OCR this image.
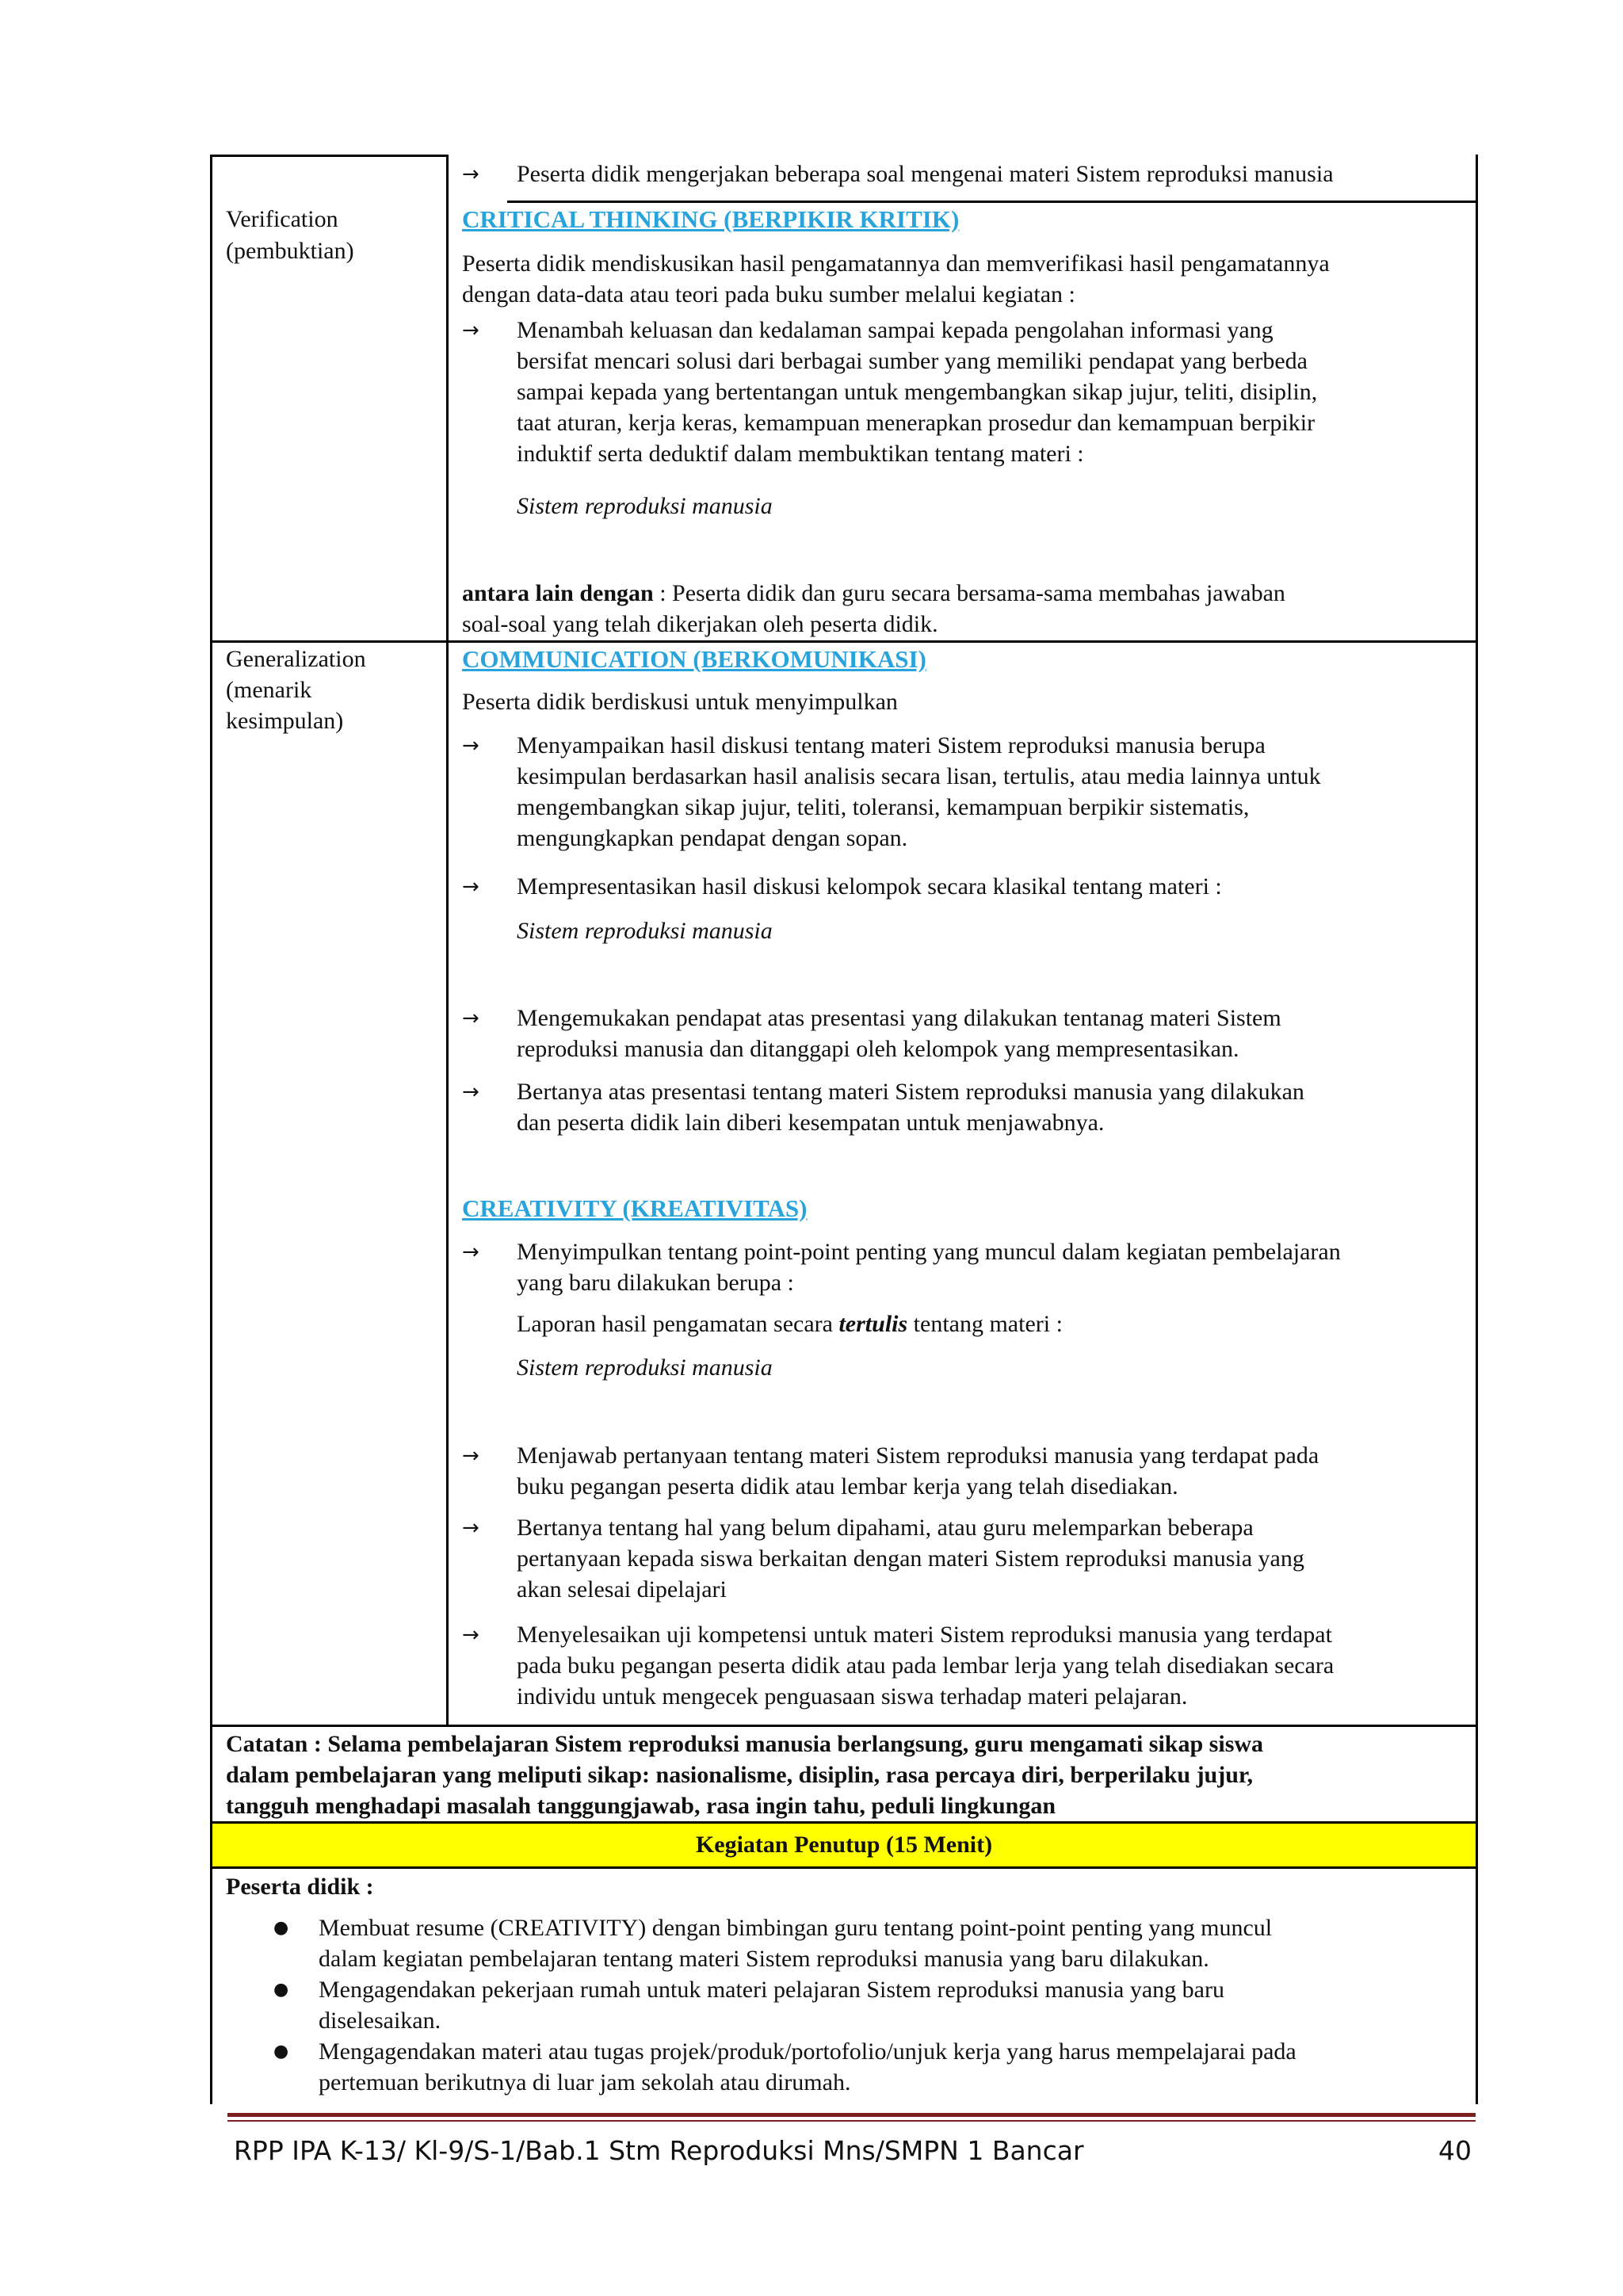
→ Peserta didik mengerjakan beberapa soal mengenai materi Sistem reproduksi manusia
Verification
(pembuktian)
CRITICAL THINKING (BERPIKIR KRITIK)
Peserta didik mendiskusikan hasil pengamatannya dan memverifikasi hasil pengamatannya
dengan data-data atau teori pada buku sumber melalui kegiatan :
→ Menambah keluasan dan kedalaman sampai kepada pengolahan informasi yang
bersifat mencari solusi dari berbagai sumber yang memiliki pendapat yang berbeda
sampai kepada yang bertentangan untuk mengembangkan sikap jujur, teliti, disiplin,
taat aturan, kerja keras, kemampuan menerapkan prosedur dan kemampuan berpikir
induktif serta deduktif dalam membuktikan tentang materi :
Sistem reproduksi manusia
antara lain dengan : Peserta didik dan guru secara bersama-sama membahas jawaban
soal-soal yang telah dikerjakan oleh peserta didik.
Generalization
(menarik
kesimpulan)
COMMUNICATION (BERKOMUNIKASI)
Peserta didik berdiskusi untuk menyimpulkan
→ Menyampaikan hasil diskusi tentang materi Sistem reproduksi manusia berupa
kesimpulan berdasarkan hasil analisis secara lisan, tertulis, atau media lainnya untuk
mengembangkan sikap jujur, teliti, toleransi, kemampuan berpikir sistematis,
mengungkapkan pendapat dengan sopan.
→ Mempresentasikan hasil diskusi kelompok secara klasikal tentang materi :
Sistem reproduksi manusia
→ Mengemukakan pendapat atas presentasi yang dilakukan tentanag materi Sistem
reproduksi manusia dan ditanggapi oleh kelompok yang mempresentasikan.
→ Bertanya atas presentasi tentang materi Sistem reproduksi manusia yang dilakukan
dan peserta didik lain diberi kesempatan untuk menjawabnya.
CREATIVITY (KREATIVITAS)
→ Menyimpulkan tentang point-point penting yang muncul dalam kegiatan pembelajaran
yang baru dilakukan berupa :
Laporan hasil pengamatan secara tertulis tentang materi :
Sistem reproduksi manusia
→ Menjawab pertanyaan tentang materi Sistem reproduksi manusia yang terdapat pada
buku pegangan peserta didik atau lembar kerja yang telah disediakan.
→ Bertanya tentang hal yang belum dipahami, atau guru melemparkan beberapa
pertanyaan kepada siswa berkaitan dengan materi Sistem reproduksi manusia yang
akan selesai dipelajari
→ Menyelesaikan uji kompetensi untuk materi Sistem reproduksi manusia yang terdapat
pada buku pegangan peserta didik atau pada lembar lerja yang telah disediakan secara
individu untuk mengecek penguasaan siswa terhadap materi pelajaran.
Catatan : Selama pembelajaran Sistem reproduksi manusia berlangsung, guru mengamati sikap siswa
dalam pembelajaran yang meliputi sikap: nasionalisme, disiplin, rasa percaya diri, berperilaku jujur,
tangguh menghadapi masalah tanggungjawab, rasa ingin tahu, peduli lingkungan
Kegiatan Penutup (15 Menit)
Peserta didik :
● Membuat resume (CREATIVITY) dengan bimbingan guru tentang point-point penting yang muncul
dalam kegiatan pembelajaran tentang materi Sistem reproduksi manusia yang baru dilakukan.
● Mengagendakan pekerjaan rumah untuk materi pelajaran Sistem reproduksi manusia yang baru
diselesaikan.
● Mengagendakan materi atau tugas projek/produk/portofolio/unjuk kerja yang harus mempelajarai pada
pertemuan berikutnya di luar jam sekolah atau dirumah.
RPP IPA K-13/ Kl-9/S-1/Bab.1 Stm Reproduksi Mns/SMPN 1 Bancar	40
